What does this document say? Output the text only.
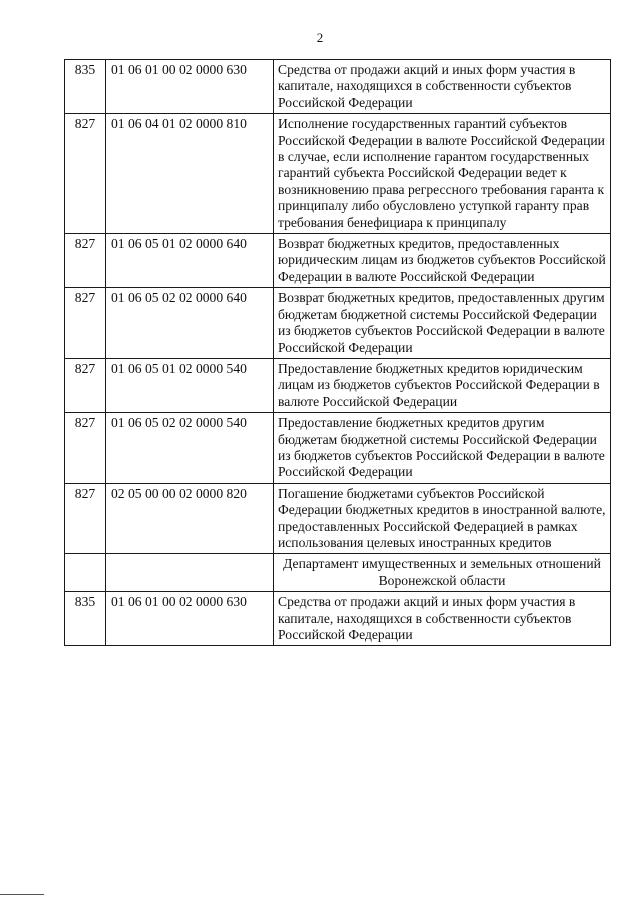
2
835	01 06 01 00 02 0000 630	Средства от продажи акций и иных форм участия в капитале, находящихся в собственности субъектов Российской Федерации
827	01 06 04 01 02 0000 810	Исполнение государственных гарантий субъектов Российской Федерации в валюте Российской Федерации в случае, если исполнение гарантом государственных гарантий субъекта Российской Федерации ведет к возникновению права регрессного требования гаранта к принципалу либо обусловлено уступкой гаранту прав требования бенефициара к принципалу
827	01 06 05 01 02 0000 640	Возврат бюджетных кредитов, предоставленных юридическим лицам из бюджетов субъектов Российской Федерации в валюте Российской Федерации
827	01 06 05 02 02 0000 640	Возврат бюджетных кредитов, предоставленных другим бюджетам бюджетной системы Российской Федерации из бюджетов субъектов Российской Федерации в валюте Российской Федерации
827	01 06 05 01 02 0000 540	Предоставление бюджетных кредитов юридическим лицам из бюджетов субъектов Российской Федерации в валюте Российской Федерации
827	01 06 05 02 02 0000 540	Предоставление бюджетных кредитов другим бюджетам бюджетной системы Российской Федерации из бюджетов субъектов Российской Федерации в валюте Российской Федерации
827	02 05 00 00 02 0000 820	Погашение бюджетами субъектов Российской Федерации бюджетных кредитов в иностранной валюте, предоставленных Российской Федерацией в рамках использования целевых иностранных кредитов
		Департамент имущественных и земельных отношений Воронежской области
835	01 06 01 00 02 0000 630	Средства от продажи акций и иных форм участия в капитале, находящихся в собственности субъектов Российской Федерации
